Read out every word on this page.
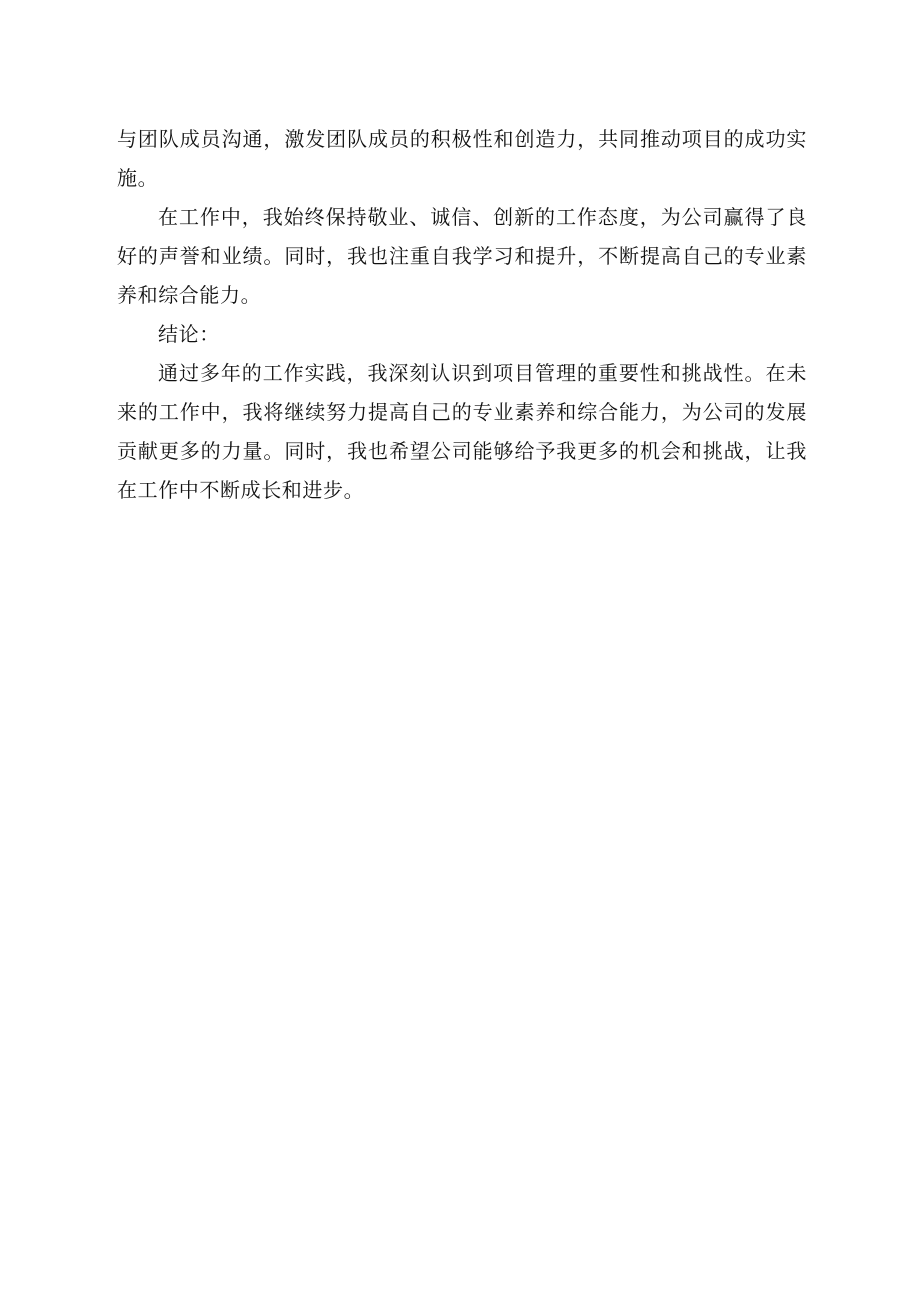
与团队成员沟通，激发团队成员的积极性和创造力，共同推动项目的成功实施。

在工作中，我始终保持敬业、诚信、创新的工作态度，为公司赢得了良好的声誉和业绩。同时，我也注重自我学习和提升，不断提高自己的专业素养和综合能力。

结论：

通过多年的工作实践，我深刻认识到项目管理的重要性和挑战性。在未来的工作中，我将继续努力提高自己的专业素养和综合能力，为公司的发展贡献更多的力量。同时，我也希望公司能够给予我更多的机会和挑战，让我在工作中不断成长和进步。
